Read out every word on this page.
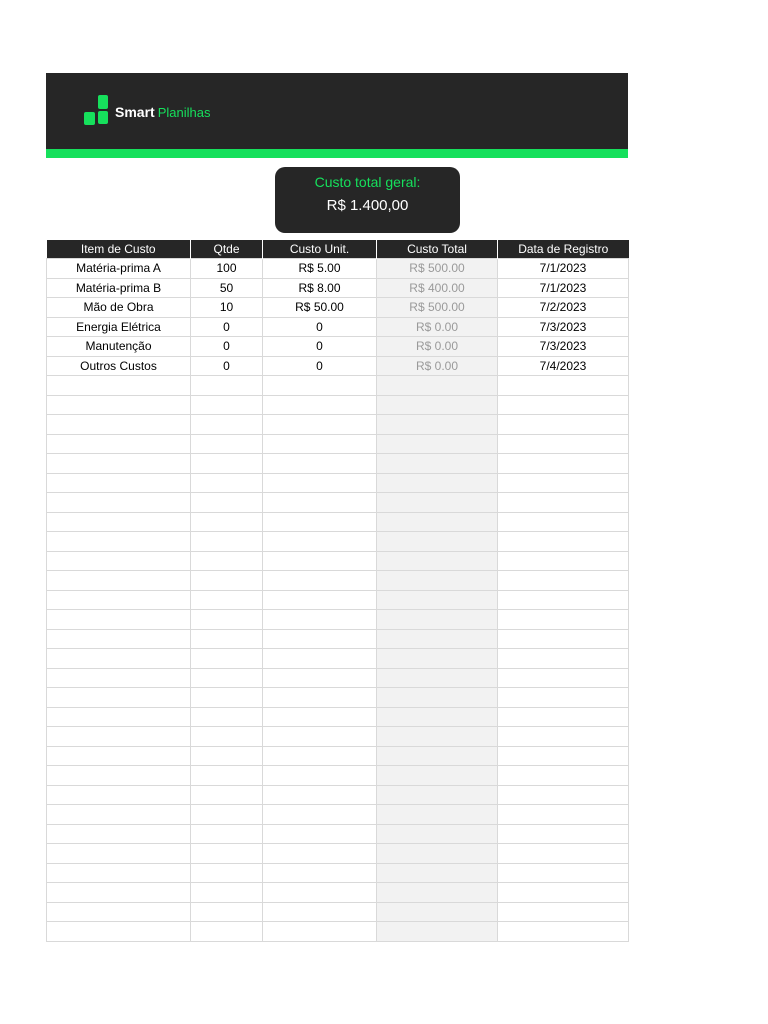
Smart Planilhas
Custo total geral:
R$ 1.400,00
Item de Custo	Qtde	Custo Unit.	Custo Total	Data de Registro
Matéria-prima A	100	R$ 5.00	R$ 500.00	7/1/2023
Matéria-prima B	50	R$ 8.00	R$ 400.00	7/1/2023
Mão de Obra	10	R$ 50.00	R$ 500.00	7/2/2023
Energia Elétrica	0	0	R$ 0.00	7/3/2023
Manutenção	0	0	R$ 0.00	7/3/2023
Outros Custos	0	0	R$ 0.00	7/4/2023
